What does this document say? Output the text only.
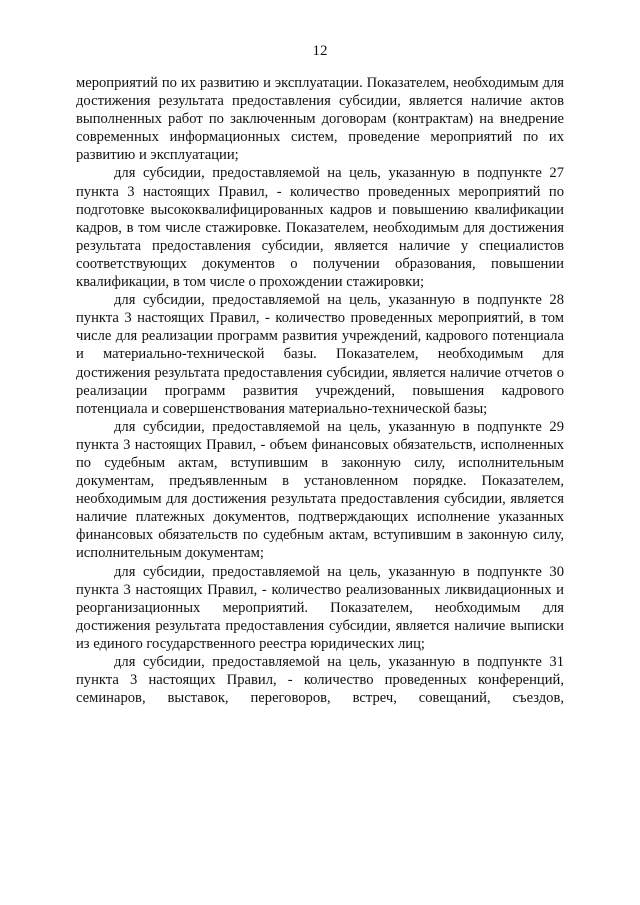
12

мероприятий по их развитию и эксплуатации. Показателем, необходимым для достижения результата предоставления субсидии, является наличие актов выполненных работ по заключенным договорам (контрактам) на внедрение современных информационных систем, проведение мероприятий по их развитию и эксплуатации;

для субсидии, предоставляемой на цель, указанную в подпункте 27 пункта 3 настоящих Правил, - количество проведенных мероприятий по подготовке высококвалифицированных кадров и повышению квалификации кадров, в том числе стажировке. Показателем, необходимым для достижения результата предоставления субсидии, является наличие у специалистов соответствующих документов о получении образования, повышении квалификации, в том числе о прохождении стажировки;

для субсидии, предоставляемой на цель, указанную в подпункте 28 пункта 3 настоящих Правил, - количество проведенных мероприятий, в том числе для реализации программ развития учреждений, кадрового потенциала и материально-технической базы. Показателем, необходимым для достижения результата предоставления субсидии, является наличие отчетов о реализации программ развития учреждений, повышения кадрового потенциала и совершенствования материально-технической базы;

для субсидии, предоставляемой на цель, указанную в подпункте 29 пункта 3 настоящих Правил, - объем финансовых обязательств, исполненных по судебным актам, вступившим в законную силу, исполнительным документам, предъявленным в установленном порядке. Показателем, необходимым для достижения результата предоставления субсидии, является наличие платежных документов, подтверждающих исполнение указанных финансовых обязательств по судебным актам, вступившим в законную силу, исполнительным документам;

для субсидии, предоставляемой на цель, указанную в подпункте 30 пункта 3 настоящих Правил, - количество реализованных ликвидационных и реорганизационных мероприятий. Показателем, необходимым для достижения результата предоставления субсидии, является наличие выписки из единого государственного реестра юридических лиц;

для субсидии, предоставляемой на цель, указанную в подпункте 31 пункта 3 настоящих Правил, - количество проведенных конференций, семинаров, выставок, переговоров, встреч, совещаний, съездов,
